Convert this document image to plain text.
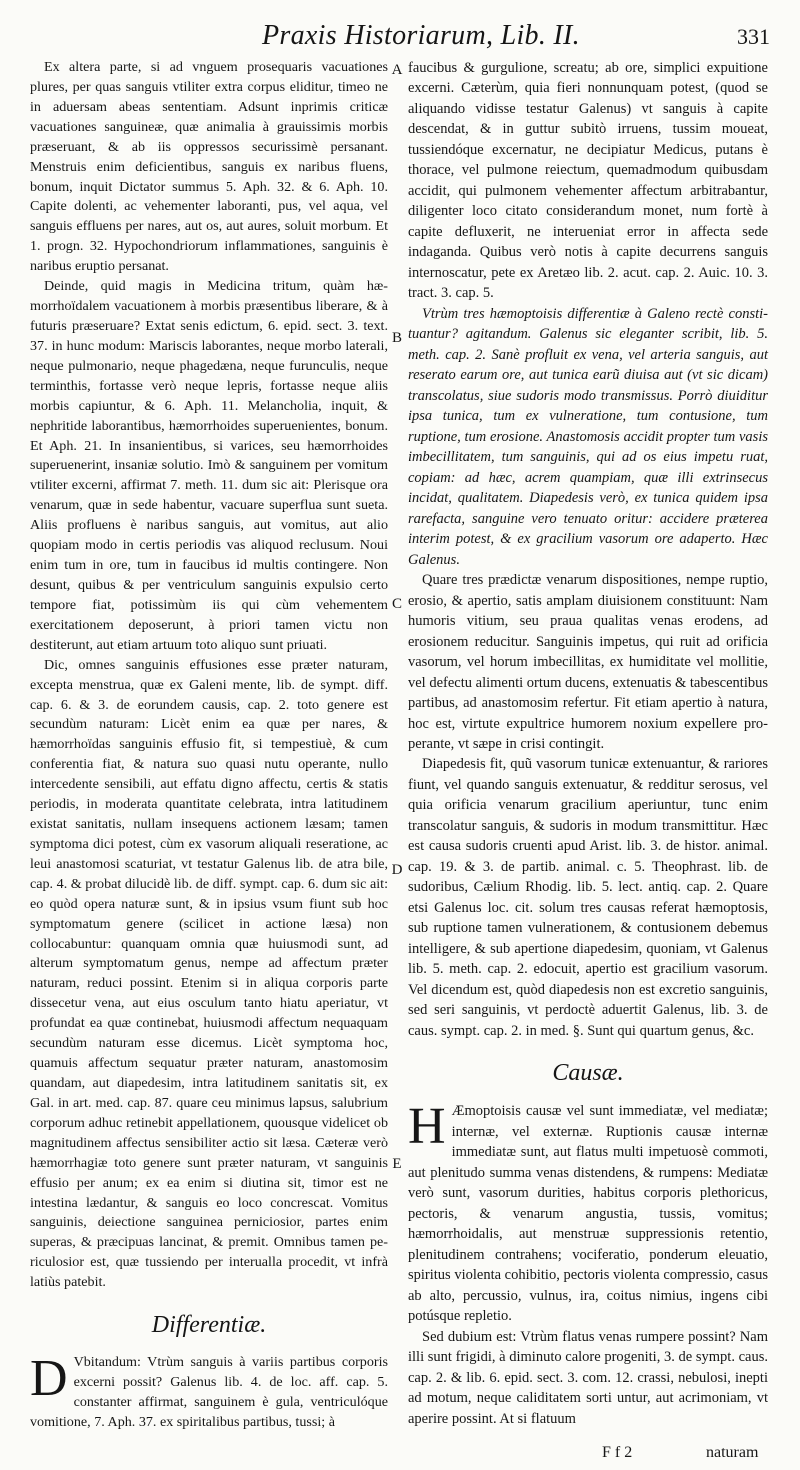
Praxis Historiarum, Lib. II.	331
A
B
C
D
E

Ex altera parte, si ad vnguem prosequaris vacuationes plures, per quas sanguis vtiliter extra corpus eliditur, timeo ne in aduersam abeas sententiam. Adsunt inprimis criticæ vacuationes sanguineæ, quæ animalia à grauissimis morbis præseruant, & ab iis oppressos securissimè persanant. Menstruis enim deficientibus, sanguis ex naribus fluens, bonum, inquit Dictator summus 5. Aph. 32. & 6. Aph. 10. Capite dolenti, ac vehementer laboranti, pus, vel aqua, vel sanguis effluens per nares, aut os, aut aures, soluit morbum. Et 1. progn. 32. Hypochondriorum inflammationes, sanguinis è naribus eruptio persanat.

Deinde, quid magis in Medicina tritum, quàm hæmorrhoïdalem vacuationem à morbis præsentibus liberare, & à futuris præseruare? Extat senis edictum, 6. epid. sect. 3. text. 37. in hunc modum: Mariscis laborantes, neque morbo laterali, neque pulmonario, neque phagedæna, neque furunculis, neque terminthis, fortasse verò neque lepris, fortasse neque aliis morbis capiuntur, & 6. Aph. 11. Melancholia, inquit, & nephritide laborantibus, hæmorrhoides superuenientes, bonum. Et Aph. 21. In insanientibus, si varices, seu hæmorrhoides superuenerint, insaniæ solutio. Imò & sanguinem per vomitum vtiliter excerni, affirmat 7. meth. 11. dum sic ait: Plerisque ora venarum, quæ in sede habentur, vacuare superflua sunt sueta. Aliis profluens è naribus sanguis, aut vomitus, aut alio quopiam modo in certis periodis vas aliquod reclusum. Noui enim tum in ore, tum in faucibus id multis contingere. Non desunt, quibus & per ventriculum sanguinis expulsio certo tempore fiat, potissimùm iis qui cùm vehementem exercitationem deposerunt, à priori tamen victu non destiterunt, aut etiam artuum toto aliquo sunt priuati.

Dic, omnes sanguinis effusiones esse præter naturam, excepta menstrua, quæ ex Galeni mente, lib. de sympt. diff. cap. 6. & 3. de eorundem causis, cap. 2. toto genere est secundùm naturam: Licèt enim ea quæ per nares, & hæmorrhoïdas sanguinis effusio fit, si tempestiuè, & cum conferentia fiat, & natura suo quasi nutu operante, nullo intercedente sensibili, aut effatu digno affectu, certis & statis periodis, in moderata quantitate celebrata, intra latitudinem existat sanitatis, nullam insequens actionem læsam; tamen symptoma dici potest, cùm ex vasorum aliquali reseratione, ac leui anastomosi scaturiat, vt testatur Galenus lib. de atra bile, cap. 4. & probat dilucidè lib. de diff. sympt. cap. 6. dum sic ait: eo quòd opera naturæ sunt, & in ipsius vsum fiunt sub hoc symptomatum genere (scilicet in actione læsa) non collocabuntur: quanquam omnia quæ huiusmodi sunt, ad alterum symptomatum genus, nempe ad affectum præter naturam, reduci possint. Etenim si in aliqua corporis parte dissecetur vena, aut eius osculum tanto hiatu aperiatur, vt profundat ea quæ continebat, huiusmodi affectum nequaquam secundùm naturam esse dicemus. Licèt symptoma hoc, quamuis affectum sequatur præter naturam, anastomosim quandam, aut diapedesim, intra latitudinem sanitatis sit, ex Gal. in art. med. cap. 87. quare ceu minimus lapsus, salubrium corporum adhuc retinebit appellationem, quousque videlicet ob magnitudinem affectus sensibiliter actio sit læsa. Cæteræ verò hæmorrhagiæ toto genere sunt præter naturam, vt sanguinis effusio per anum; ex ea enim si diutina sit, timor est ne intestina lædantur, & sanguis eo loco concrescat. Vomitus sanguinis, deiectione sanguinea perniciosior, partes enim superas, & præcipuas lancinat, & premit. Omnibus tamen periculosior est, quæ tussiendo per interualla procedit, vt infrà latiùs patebit.

Differentiæ.

D Vbitandum: Vtrùm sanguis à variis partibus corporis excerni possit? Galenus lib. 4. de loc. aff. cap. 5. constanter affirmat, sanguinem è gula, ventriculóque vomitione, 7. Aph. 37. ex spiritalibus partibus, tussi; à

faucibus & gurgulione, screatu; ab ore, simplici expuitione excerni. Cæterùm, quia fieri nonnunquam potest, (quod se aliquando vidisse testatur Galenus) vt sanguis à capite descendat, & in guttur subitò irruens, tussim moueat, tussiendóque excernatur, ne decipiatur Medicus, putans è thorace, vel pulmone reiectum, quemadmodum quibusdam accidit, qui pulmonem vehementer affectum arbitrabantur, diligenter loco citato considerandum monet, num fortè à capite defluxerit, ne interueniat error in affecta sede indaganda. Quibus verò notis à capite decurrens sanguis internoscatur, pete ex Aretæo lib. 2. acut. cap. 2. Auic. 10. 3. tract. 3. cap. 5.

Vtrùm tres hæmoptoisis differentiæ à Galeno rectè constituantur? agitandum. Galenus sic eleganter scribit, lib. 5. meth. cap. 2. Sanè profluit ex vena, vel arteria sanguis, aut reserato earum ore, aut tunica earũ diuisa aut (vt sic dicam) transcolatus, siue sudoris modo transmissus. Porrò diuiditur ipsa tunica, tum ex vulneratione, tum contusione, tum ruptione, tum erosione. Anastomosis accidit propter tum vasis imbecillitatem, tum sanguinis, qui ad os eius impetu ruat, copiam: ad hæc, acrem quampiam, quæ illi extrinsecus incidat, qualitatem. Diapedesis verò, ex tunica quidem ipsa rarefacta, sanguine vero tenuato oritur: accidere præterea interim potest, & ex gracilium vasorum ore adaperto. Hæc Galenus.

Quare tres prædictæ venarum dispositiones, nempe ruptio, erosio, & apertio, satis amplam diuisionem constituunt: Nam humoris vitium, seu praua qualitas venas erodens, ad erosionem reducitur. Sanguinis impetus, qui ruit ad orificia vasorum, vel horum imbecillitas, ex humiditate vel mollitie, vel defectu alimenti ortum ducens, extenuatis & tabescentibus partibus, ad anastomosim refertur. Fit etiam apertio à natura, hoc est, virtute expultrice humorem noxium expellere properante, vt sæpe in crisi contingit.

Diapedesis fit, quũ vasorum tunicæ extenuantur, & rariores fiunt, vel quando sanguis extenuatur, & redditur serosus, vel quia orificia venarum gracilium aperiuntur, tunc enim transcolatur sanguis, & sudoris in modum transmittitur. Hæc est causa sudoris cruenti apud Arist. lib. 3. de histor. animal. cap. 19. & 3. de partib. animal. c. 5. Theophrast. lib. de sudoribus, Cælium Rhodig. lib. 5. lect. antiq. cap. 2. Quare etsi Galenus loc. cit. solum tres causas referat hæmoptosis, sub ruptione tamen vulnerationem, & contusionem debemus intelligere, & sub apertione diapedesim, quoniam, vt Galenus lib. 5. meth. cap. 2. edocuit, apertio est gracilium vasorum. Vel dicendum est, quòd diapedesis non est excretio sanguinis, sed seri sanguinis, vt perdoctè aduertit Galenus, lib. 3. de caus. sympt. cap. 2. in med. §. Sunt qui quartum genus, &c.

Causæ.

H Æmoptoisis causæ vel sunt immediatæ, vel mediatæ; internæ, vel externæ. Ruptionis causæ internæ immediatæ sunt, aut flatus multi impetuosè commoti, aut plenitudo summa venas distendens, & rumpens: Mediatæ verò sunt, vasorum durities, habitus corporis plethoricus, pectoris, & venarum angustia, tussis, vomitus; hæmorrhoidalis, aut menstruæ suppressionis retentio, plenitudinem contrahens; vociferatio, ponderum eleuatio, spiritus violenta cohibitio, pectoris violenta compressio, casus ab alto, percussio, vulnus, ira, coitus nimius, ingens cibi potúsque repletio.

Sed dubium est: Vtrùm flatus venas rumpere possint? Nam illi sunt frigidi, à diminuto calore progeniti, 3. de sympt. caus. cap. 2. & lib. 6. epid. sect. 3. com. 12. crassi, nebulosi, inepti ad motum, neque caliditatem sorti untur, aut acrimoniam, vt aperire possint. At si flatuum

F f 2	naturam
